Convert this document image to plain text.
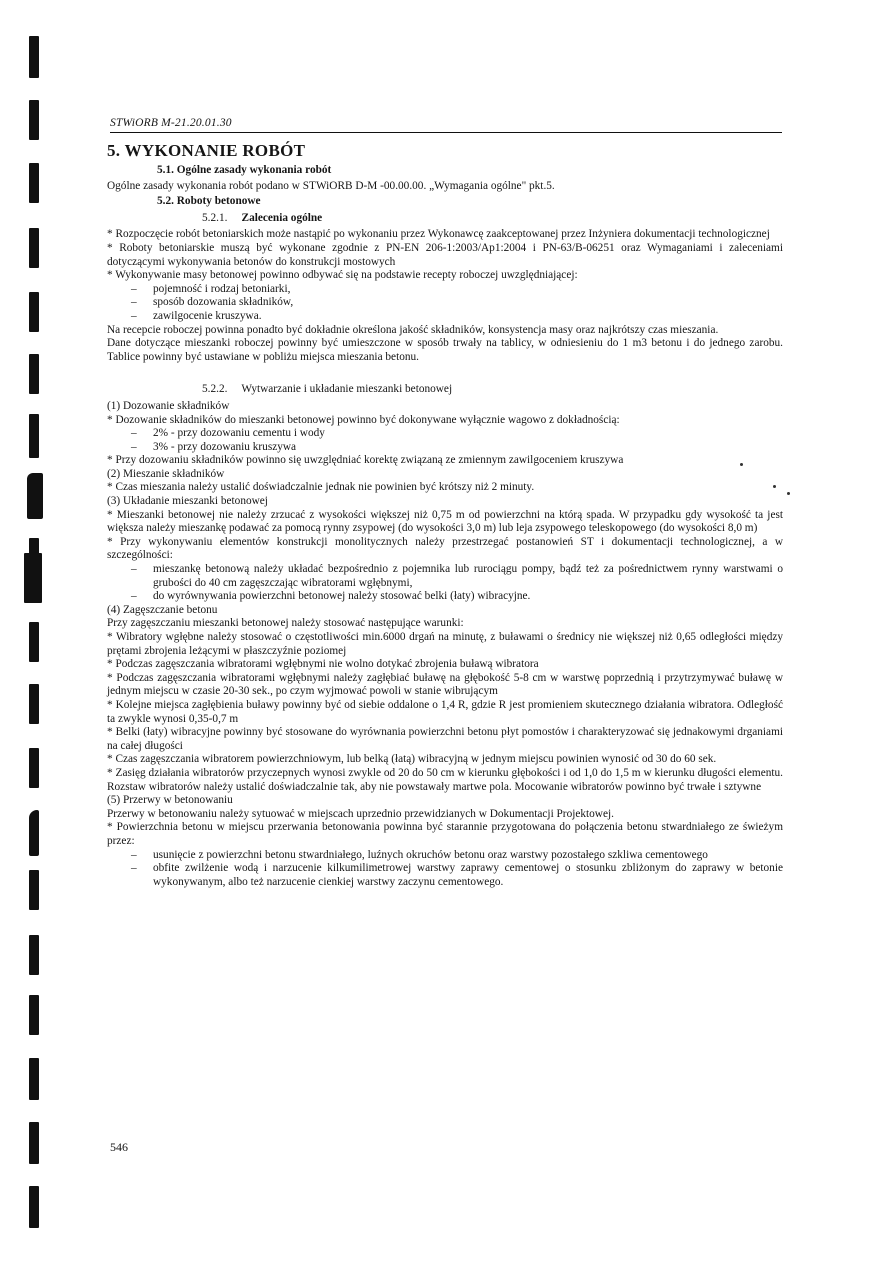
STWiORB M-21.20.01.30

5. WYKONANIE ROBÓT

5.1. Ogólne zasady wykonania robót

Ogólne zasady wykonania robót podano w STWiORB D-M -00.00.00. „Wymagania ogólne" pkt.5.

5.2. Roboty betonowe

5.2.1. Zalecenia ogólne

* Rozpoczęcie robót betoniarskich może nastąpić po wykonaniu przez Wykonawcę zaakceptowanej przez Inżyniera dokumentacji technologicznej

* Roboty betoniarskie muszą być wykonane zgodnie z PN-EN 206-1:2003/Ap1:2004 i PN-63/B-06251 oraz Wymaganiami i zaleceniami dotyczącymi wykonywania betonów do konstrukcji mostowych

* Wykonywanie masy betonowej powinno odbywać się na podstawie recepty roboczej uwzględniającej:

– pojemność i rodzaj betoniarki,

– sposób dozowania składników,

– zawilgocenie kruszywa.

Na recepcie roboczej powinna ponadto być dokładnie określona jakość składników, konsystencja masy oraz najkrótszy czas mieszania.

Dane dotyczące mieszanki roboczej powinny być umieszczone w sposób trwały na tablicy, w odniesieniu do 1 m3 betonu i do jednego zarobu. Tablice powinny być ustawiane w pobliżu miejsca mieszania betonu.

5.2.2. Wytwarzanie i układanie mieszanki betonowej

(1) Dozowanie składników

* Dozowanie składników do mieszanki betonowej powinno być dokonywane wyłącznie wagowo z dokładnością:

– 2% - przy dozowaniu cementu i wody

– 3% - przy dozowaniu kruszywa

* Przy dozowaniu składników powinno się uwzględniać korektę związaną ze zmiennym zawilgoceniem kruszywa

(2) Mieszanie składników

* Czas mieszania należy ustalić doświadczalnie jednak nie powinien być krótszy niż 2 minuty.

(3) Układanie mieszanki betonowej

* Mieszanki betonowej nie należy zrzucać z wysokości większej niż 0,75 m od powierzchni na którą spada. W przypadku gdy wysokość ta jest większa należy mieszankę podawać za pomocą rynny zsypowej (do wysokości 3,0 m) lub leja zsypowego teleskopowego (do wysokości 8,0 m)

* Przy wykonywaniu elementów konstrukcji monolitycznych należy przestrzegać postanowień ST i dokumentacji technologicznej, a w szczególności:

– mieszankę betonową należy układać bezpośrednio z pojemnika lub rurociągu pompy, bądź też za pośrednictwem rynny warstwami o grubości do 40 cm zagęszczając wibratorami wgłębnymi,

– do wyrównywania powierzchni betonowej należy stosować belki (łaty) wibracyjne.

(4) Zagęszczanie betonu

Przy zagęszczaniu mieszanki betonowej należy stosować następujące warunki:

* Wibratory wgłębne należy stosować o częstotliwości min.6000 drgań na minutę, z buławami o średnicy nie większej niż 0,65 odległości między prętami zbrojenia leżącymi w płaszczyźnie poziomej

* Podczas zagęszczania wibratorami wgłębnymi nie wolno dotykać zbrojenia buławą wibratora

* Podczas zagęszczania wibratorami wgłębnymi należy zagłębiać buławę na głębokość 5-8 cm w warstwę poprzednią i przytrzymywać buławę w jednym miejscu w czasie 20-30 sek., po czym wyjmować powoli w stanie wibrującym

* Kolejne miejsca zagłębienia buławy powinny być od siebie oddalone o 1,4 R, gdzie R jest promieniem skutecznego działania wibratora. Odległość ta zwykle wynosi 0,35-0,7 m

* Belki (łaty) wibracyjne powinny być stosowane do wyrównania powierzchni betonu płyt pomostów i charakteryzować się jednakowymi drganiami na całej długości

* Czas zagęszczania wibratorem powierzchniowym, lub belką (łatą) wibracyjną w jednym miejscu powinien wynosić od 30 do 60 sek.

* Zasięg działania wibratorów przyczepnych wynosi zwykle od 20 do 50 cm w kierunku głębokości i od 1,0 do 1,5 m w kierunku długości elementu. Rozstaw wibratorów należy ustalić doświadczalnie tak, aby nie powstawały martwe pola. Mocowanie wibratorów powinno być trwałe i sztywne

(5) Przerwy w betonowaniu

Przerwy w betonowaniu należy sytuować w miejscach uprzednio przewidzianych w Dokumentacji Projektowej.

* Powierzchnia betonu w miejscu przerwania betonowania powinna być starannie przygotowana do połączenia betonu stwardniałego ze świeżym przez:

– usunięcie z powierzchni betonu stwardniałego, luźnych okruchów betonu oraz warstwy pozostałego szkliwa cementowego

– obfite zwilżenie wodą i narzucenie kilkumilimetrowej warstwy zaprawy cementowej o stosunku zbliżonym do zaprawy w betonie wykonywanym, albo też narzucenie cienkiej warstwy zaczynu cementowego.

546
